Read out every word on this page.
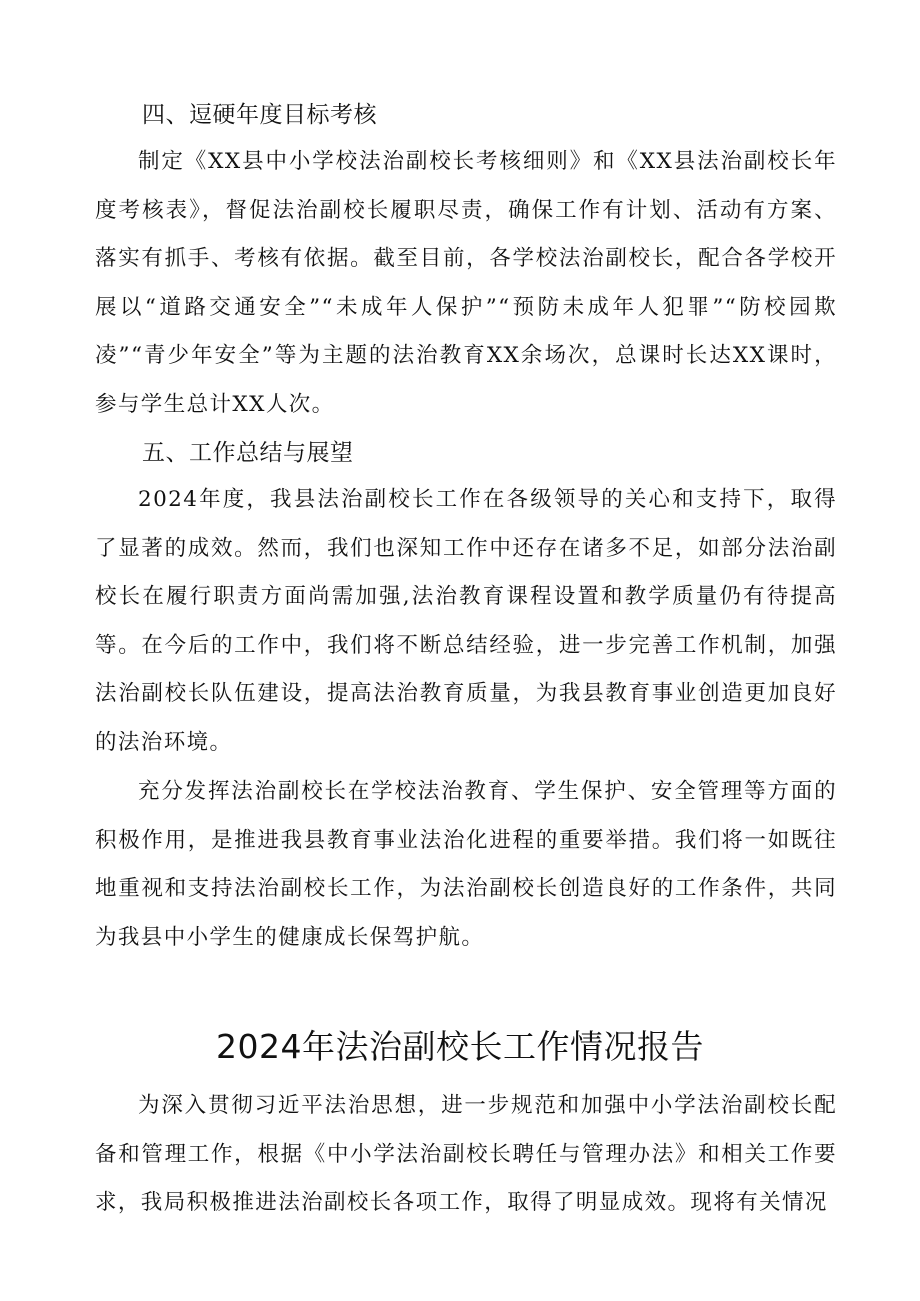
四、逗硬年度目标考核
制定《XX县中小学校法治副校长考核细则》和《XX县法治副校长年度考核表》，督促法治副校长履职尽责，确保工作有计划、活动有方案、落实有抓手、考核有依据。截至目前，各学校法治副校长，配合各学校开展以“道路交通安全”“未成年人保护”“预防未成年人犯罪”“防校园欺凌”“青少年安全”等为主题的法治教育XX余场次，总课时长达XX课时，参与学生总计XX人次。
五、工作总结与展望
2024年度，我县法治副校长工作在各级领导的关心和支持下，取得了显著的成效。然而，我们也深知工作中还存在诸多不足，如部分法治副校长在履行职责方面尚需加强,法治教育课程设置和教学质量仍有待提高等。在今后的工作中，我们将不断总结经验，进一步完善工作机制，加强法治副校长队伍建设，提高法治教育质量，为我县教育事业创造更加良好的法治环境。
充分发挥法治副校长在学校法治教育、学生保护、安全管理等方面的积极作用，是推进我县教育事业法治化进程的重要举措。我们将一如既往地重视和支持法治副校长工作，为法治副校长创造良好的工作条件，共同为我县中小学生的健康成长保驾护航。
2024年法治副校长工作情况报告
为深入贯彻习近平法治思想，进一步规范和加强中小学法治副校长配备和管理工作，根据《中小学法治副校长聘任与管理办法》和相关工作要求，我局积极推进法治副校长各项工作，取得了明显成效。现将有关情况
